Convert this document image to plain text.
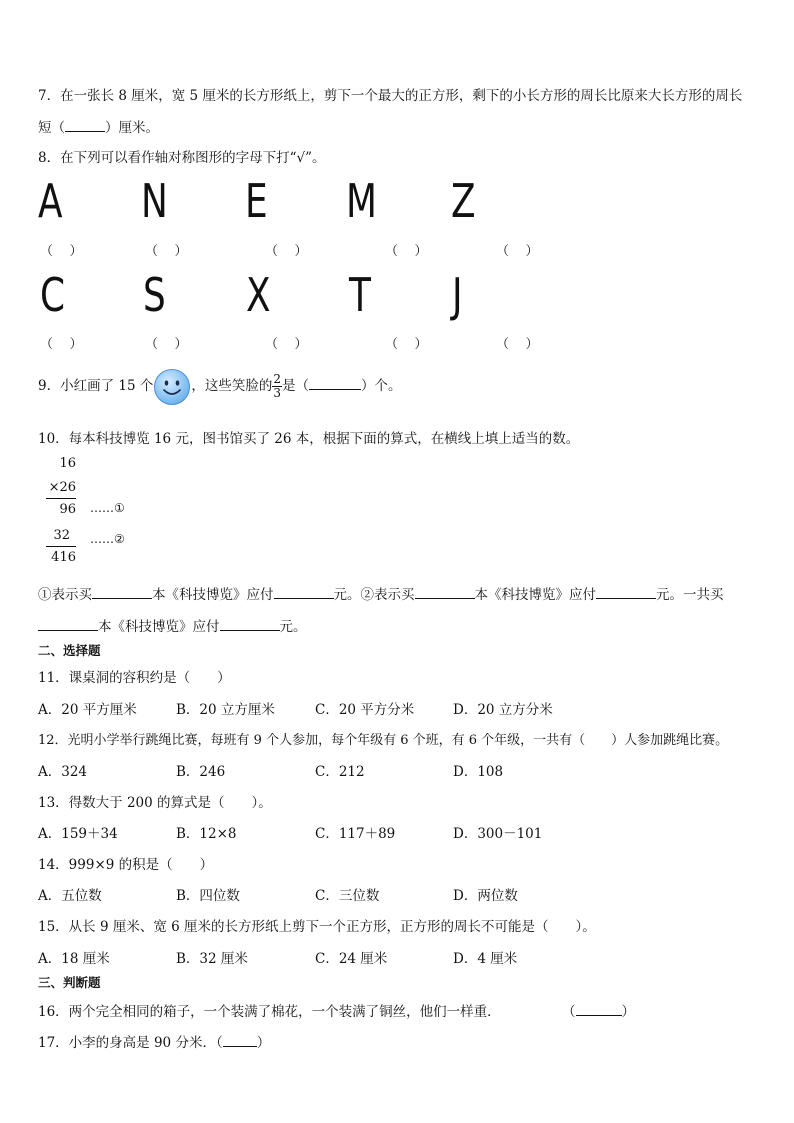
7．在一张长 8 厘米，宽 5 厘米的长方形纸上，剪下一个最大的正方形，剩下的小长方形的周长比原来大长方形的周长
短（	）厘米。
8．在下列可以看作轴对称图形的字母下打“√”。
A N E M Z
（ ）	（ ）	（ ）	（ ）	（ ）
C S X T J
（ ）	（ ）	（ ）	（ ）	（ ）
9．小红画了 15 个	，这些笑脸的 $\frac{2}{3}$ 是（	）个。
10．每本科技博览 16 元，图书馆买了 26 本，根据下面的算式，在横线上填上适当的数。
16
×26
96 ……①
32 ……②
416
①表示买	本《科技博览》应付	元。②表示买	本《科技博览》应付	元。一共买
本《科技博览》应付	元。
二、选择题
11．课桌洞的容积约是（　　）
A．20 平方厘米	B．20 立方厘米	C．20 平方分米	D．20 立方分米
12．光明小学举行跳绳比赛，每班有 9 个人参加，每个年级有 6 个班，有 6 个年级，一共有（　　）人参加跳绳比赛。
A．324	B．246	C．212	D．108
13．得数大于 200 的算式是（　　）。
A．159＋34	B．12×8	C．117＋89	D．300－101
14．999×9 的积是（　　）
A．五位数	B．四位数	C．三位数	D．两位数
15．从长 9 厘米、宽 6 厘米的长方形纸上剪下一个正方形，正方形的周长不可能是（　　）。
A．18 厘米	B．32 厘米	C．24 厘米	D．4 厘米
三、判断题
16．两个完全相同的箱子，一个装满了棉花，一个装满了铜丝，他们一样重．	（	）
17．小李的身高是 90 分米．（	）
